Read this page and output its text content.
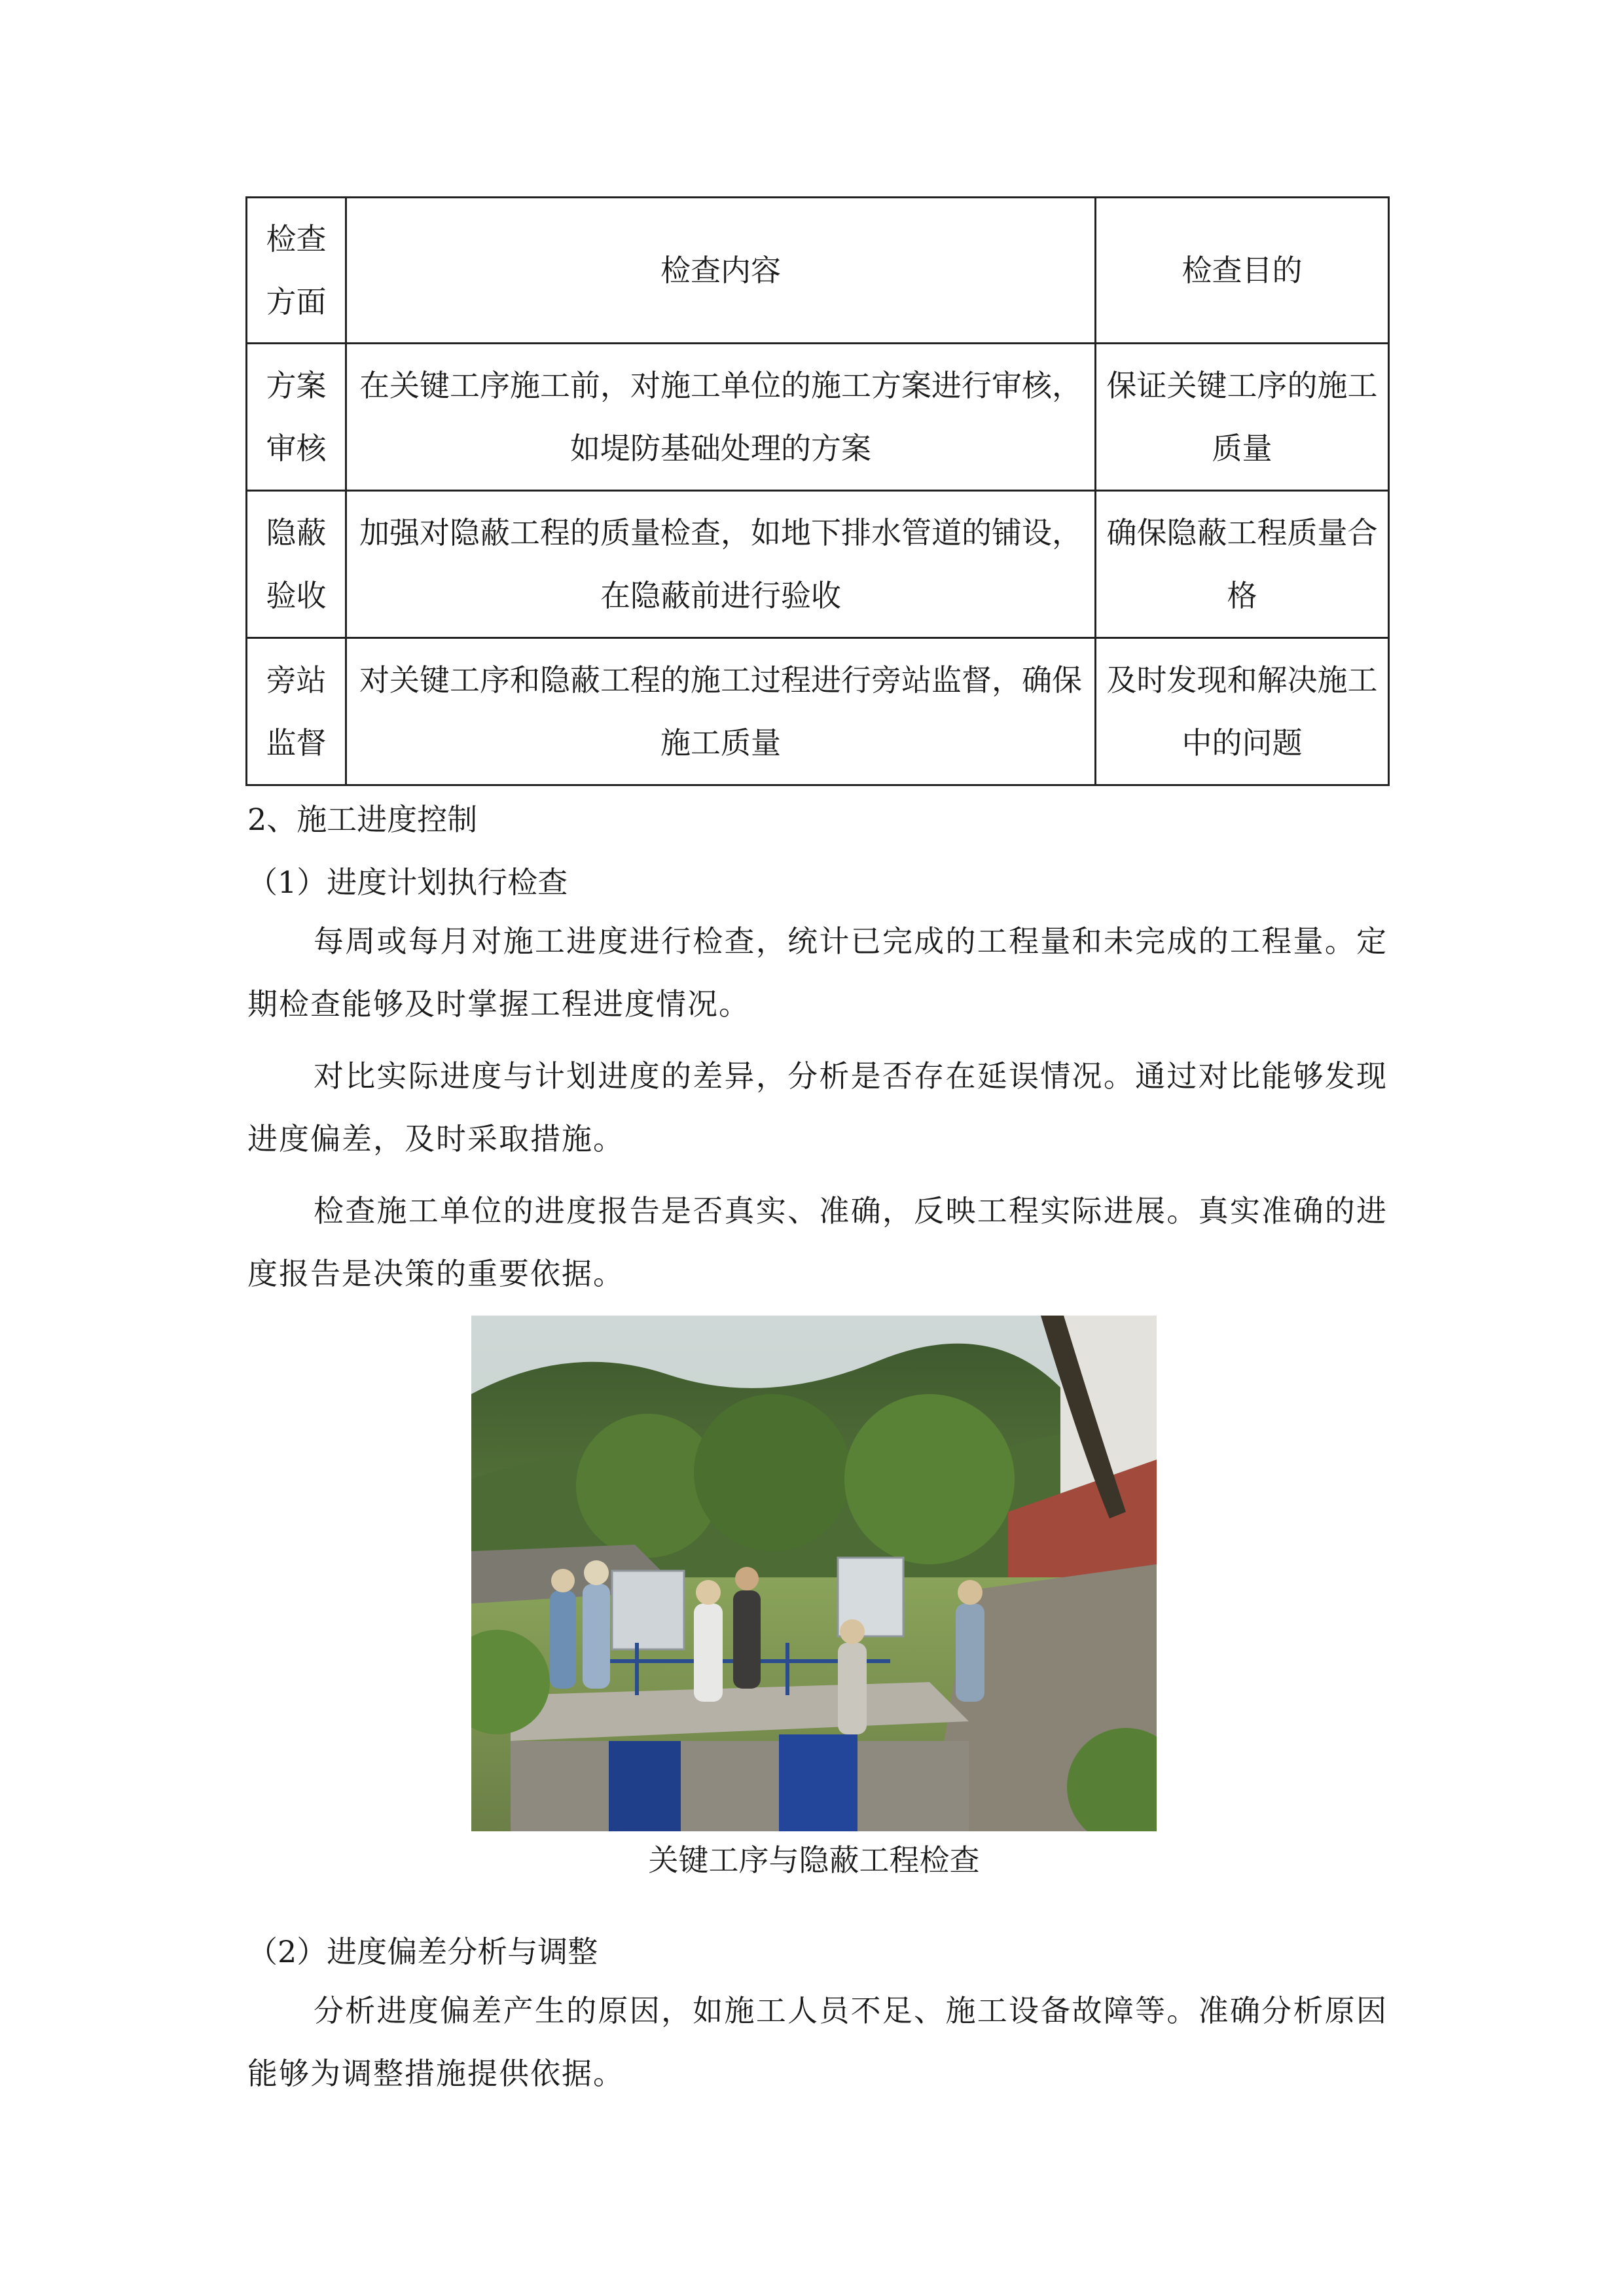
检查方面	检查内容	检查目的

方案审核	在关键工序施工前，对施工单位的施工方案进行审核，如堤防基础处理的方案	保证关键工序的施工质量

隐蔽验收	加强对隐蔽工程的质量检查，如地下排水管道的铺设，在隐蔽前进行验收	确保隐蔽工程质量合格

旁站监督	对关键工序和隐蔽工程的施工过程进行旁站监督，确保施工质量	及时发现和解决施工中的问题
2、施工进度控制
（1）进度计划执行检查
每周或每月对施工进度进行检查，统计已完成的工程量和未完成的工程量。定期检查能够及时掌握工程进度情况。
对比实际进度与计划进度的差异，分析是否存在延误情况。通过对比能够发现进度偏差，及时采取措施。
检查施工单位的进度报告是否真实、准确，反映工程实际进展。真实准确的进度报告是决策的重要依据。
关键工序与隐蔽工程检查
（2）进度偏差分析与调整
分析进度偏差产生的原因，如施工人员不足、施工设备故障等。准确分析原因能够为调整措施提供依据。
